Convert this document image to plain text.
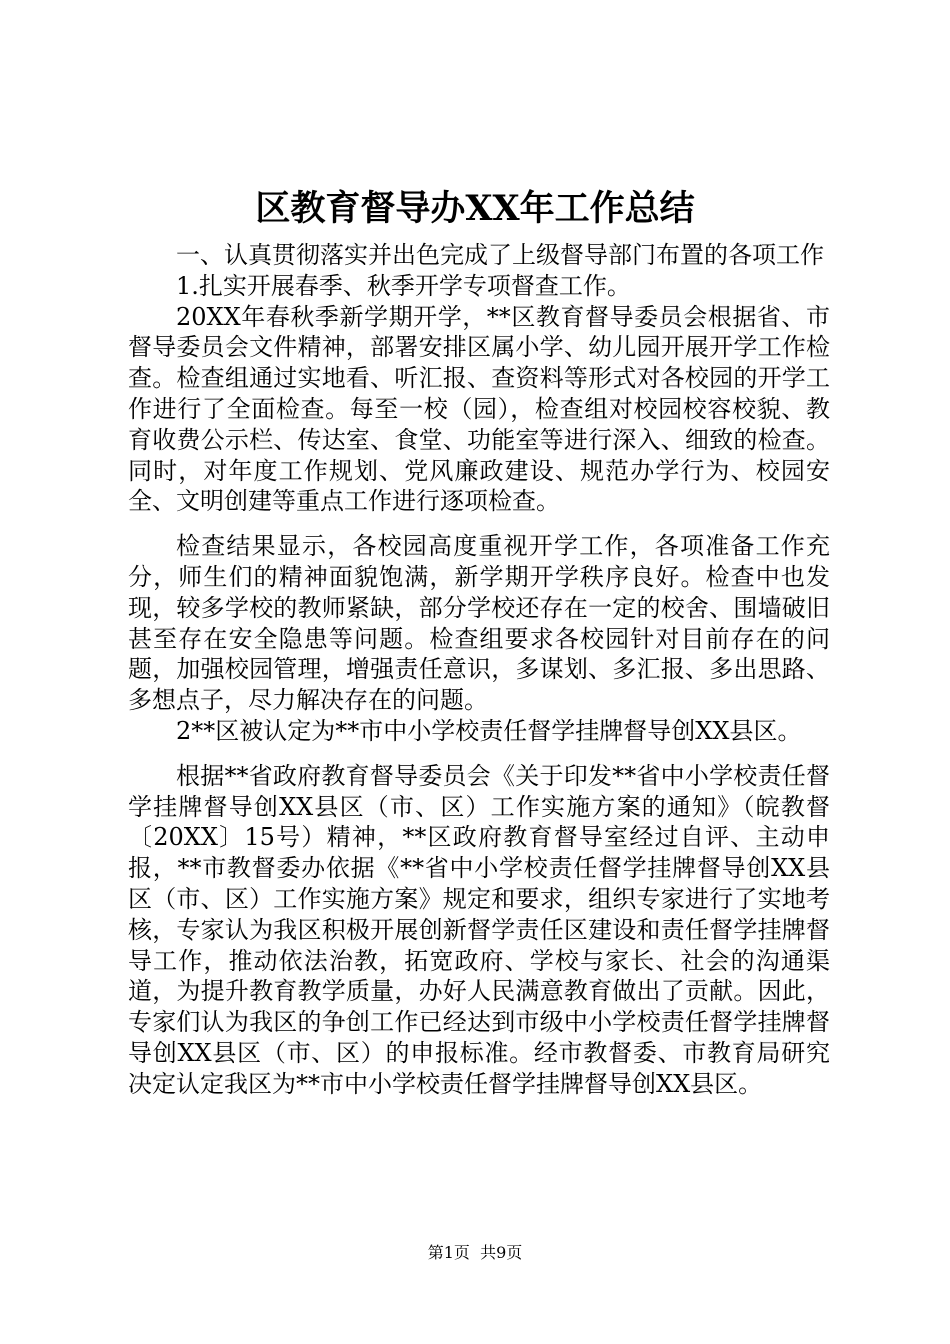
区教育督导办XX年工作总结

一、认真贯彻落实并出色完成了上级督导部门布置的各项工作

1.扎实开展春季、秋季开学专项督查工作。

20XX年春秋季新学期开学，**区教育督导委员会根据省、市督导委员会文件精神，部署安排区属小学、幼儿园开展开学工作检查。检查组通过实地看、听汇报、查资料等形式对各校园的开学工作进行了全面检查。每至一校（园），检查组对校园校容校貌、教育收费公示栏、传达室、食堂、功能室等进行深入、细致的检查。同时，对年度工作规划、党风廉政建设、规范办学行为、校园安全、文明创建等重点工作进行逐项检查。

检查结果显示，各校园高度重视开学工作，各项准备工作充分，师生们的精神面貌饱满，新学期开学秩序良好。检查中也发现，较多学校的教师紧缺，部分学校还存在一定的校舍、围墙破旧甚至存在安全隐患等问题。检查组要求各校园针对目前存在的问题，加强校园管理，增强责任意识，多谋划、多汇报、多出思路、多想点子，尽力解决存在的问题。

2**区被认定为**市中小学校责任督学挂牌督导创XX县区。

根据**省政府教育督导委员会《关于印发**省中小学校责任督学挂牌督导创XX县区（市、区）工作实施方案的通知》（皖教督〔20XX〕15号）精神，**区政府教育督导室经过自评、主动申报，**市教督委办依据《**省中小学校责任督学挂牌督导创XX县区（市、区）工作实施方案》规定和要求，组织专家进行了实地考核，专家认为我区积极开展创新督学责任区建设和责任督学挂牌督导工作，推动依法治教，拓宽政府、学校与家长、社会的沟通渠道，为提升教育教学质量，办好人民满意教育做出了贡献。因此，专家们认为我区的争创工作已经达到市级中小学校责任督学挂牌督导创XX县区（市、区）的申报标准。经市教督委、市教育局研究决定认定我区为**市中小学校责任督学挂牌督导创XX县区。

第1页  共9页
